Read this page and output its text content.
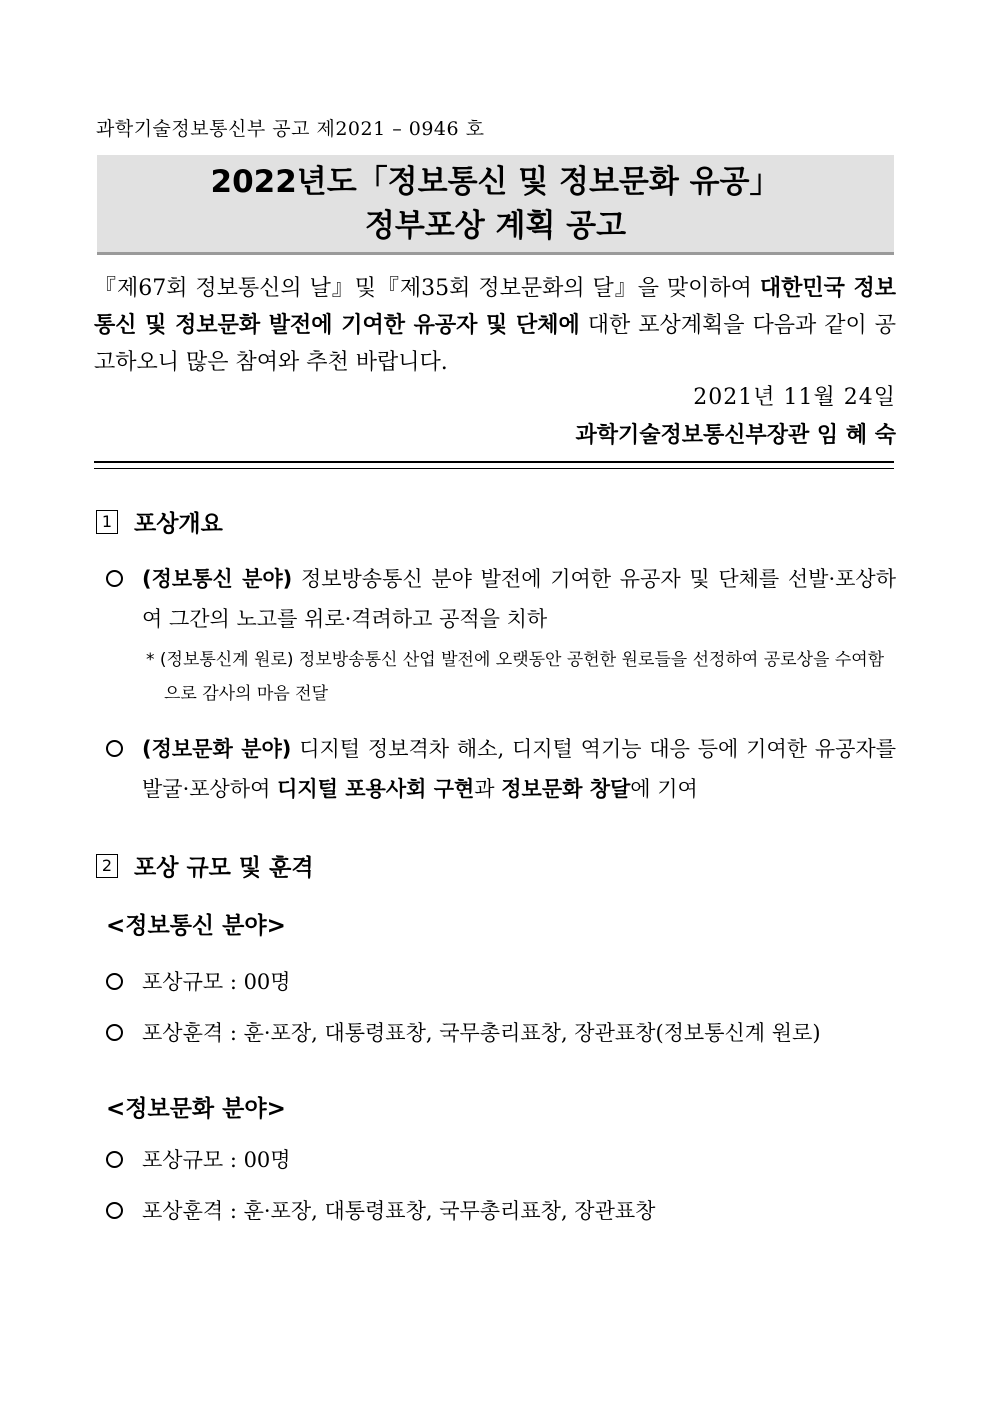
과학기술정보통신부 공고 제2021 – 0946 호
2022년도「정보통신 및 정보문화 유공」
정부포상 계획 공고
『제67회 정보통신의 날』및『제35회 정보문화의 달』을 맞이하여 대한민국 정보통신 및 정보문화 발전에 기여한 유공자 및 단체에 대한 포상계획을 다음과 같이 공고하오니 많은 참여와 추천 바랍니다.
2021년 11월 24일
과학기술정보통신부장관 임 혜 숙
1 포상개요
(정보통신 분야) 정보방송통신 분야 발전에 기여한 유공자 및 단체를 선발·포상하여 그간의 노고를 위로·격려하고 공적을 치하
* (정보통신계 원로) 정보방송통신 산업 발전에 오랫동안 공헌한 원로들을 선정하여 공로상을 수여함으로 감사의 마음 전달
(정보문화 분야) 디지털 정보격차 해소, 디지털 역기능 대응 등에 기여한 유공자를 발굴·포상하여 디지털 포용사회 구현과 정보문화 창달에 기여
2 포상 규모 및 훈격
<정보통신 분야>
포상규모 : 00명
포상훈격 : 훈·포장, 대통령표창, 국무총리표창, 장관표창(정보통신계 원로)
<정보문화 분야>
포상규모 : 00명
포상훈격 : 훈·포장, 대통령표창, 국무총리표창, 장관표창
